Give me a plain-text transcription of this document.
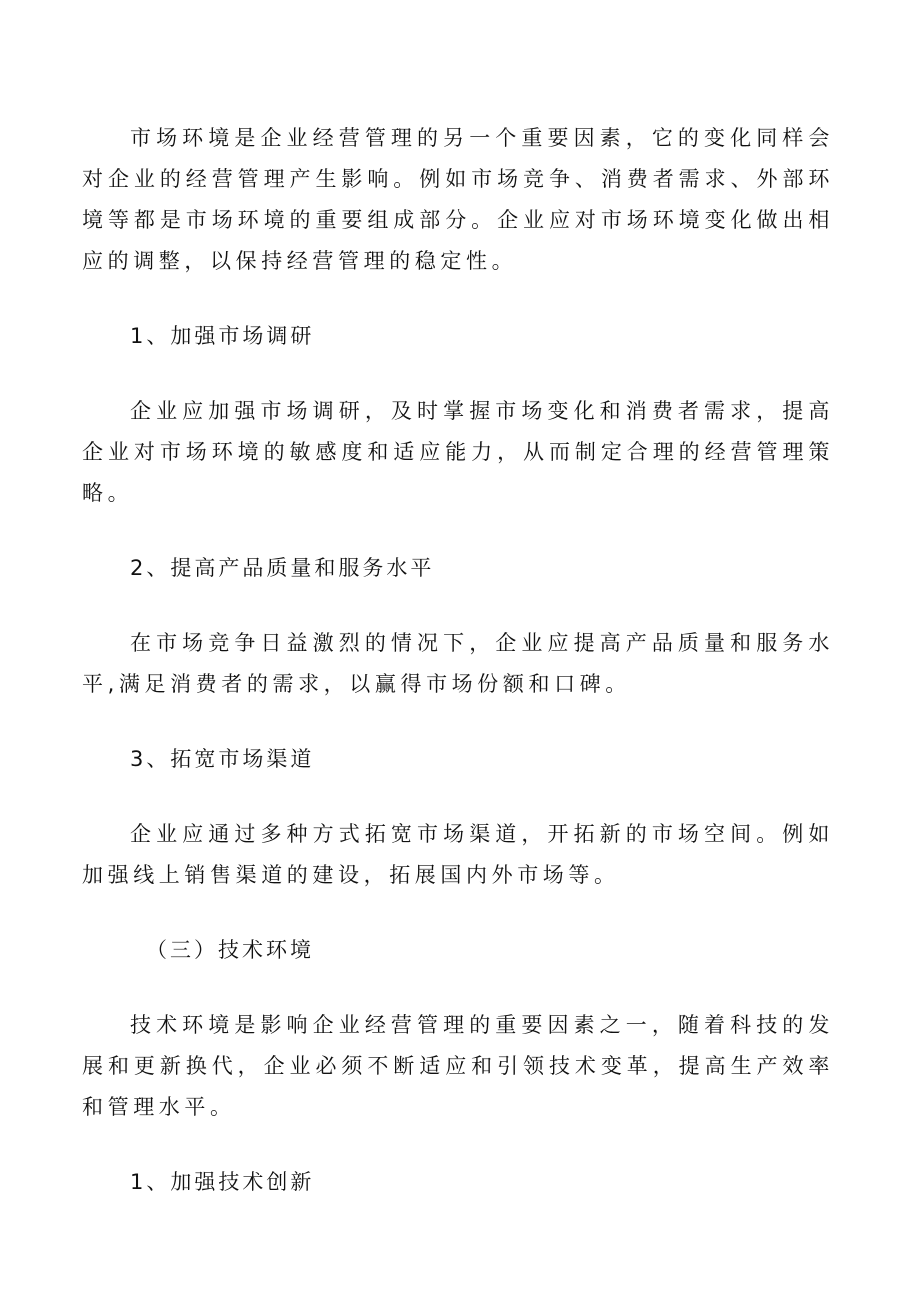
市场环境是企业经营管理的另一个重要因素，它的变化同样会对企业的经营管理产生影响。例如市场竞争、消费者需求、外部环境等都是市场环境的重要组成部分。企业应对市场环境变化做出相应的调整，以保持经营管理的稳定性。

1、加强市场调研

企业应加强市场调研，及时掌握市场变化和消费者需求，提高企业对市场环境的敏感度和适应能力，从而制定合理的经营管理策略。

2、提高产品质量和服务水平

在市场竞争日益激烈的情况下，企业应提高产品质量和服务水平,满足消费者的需求，以赢得市场份额和口碑。

3、拓宽市场渠道

企业应通过多种方式拓宽市场渠道，开拓新的市场空间。例如加强线上销售渠道的建设，拓展国内外市场等。

（三）技术环境

技术环境是影响企业经营管理的重要因素之一，随着科技的发展和更新换代，企业必须不断适应和引领技术变革，提高生产效率和管理水平。

1、加强技术创新
